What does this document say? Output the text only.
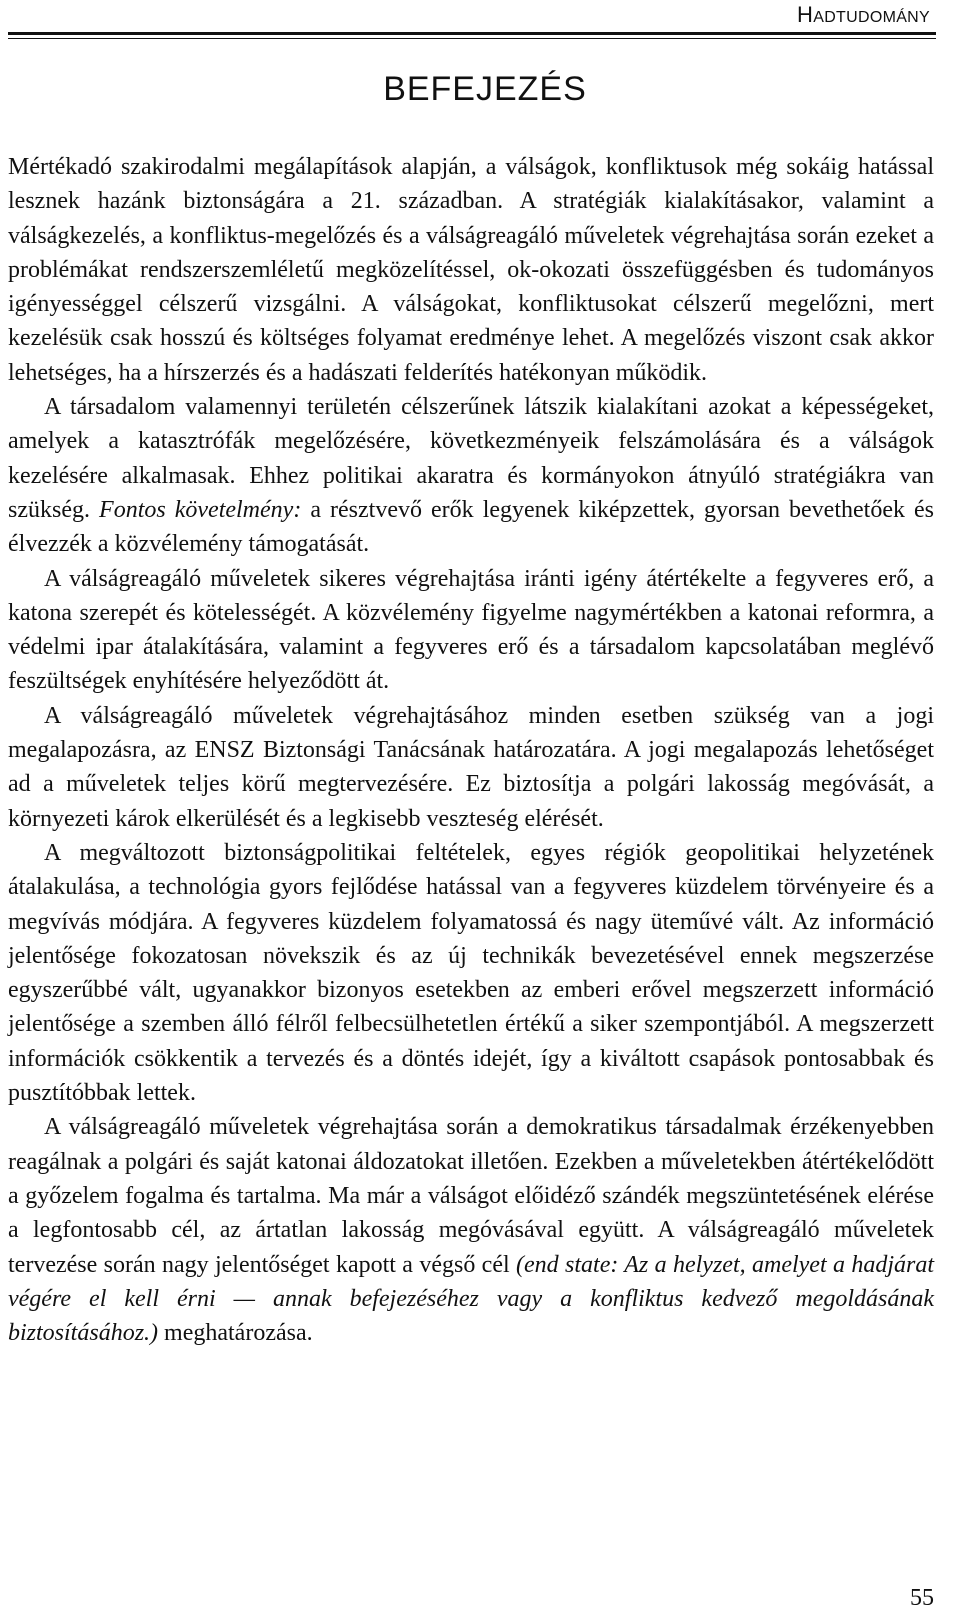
HADTUDOMÁNY
BEFEJEZÉS

Mértékadó szakirodalmi megálapítások alapján, a válságok, konfliktusok még sokáig hatással lesznek hazánk biztonságára a 21. században. A stratégiák kialakításakor, valamint a válságkezelés, a konfliktus-megelőzés és a válságreagáló műveletek végrehajtása során ezeket a problémákat rendszerszemléletű megközelítéssel, ok-okozati összefüggésben és tudományos igényességgel célszerű vizsgálni. A válságokat, konfliktusokat célszerű megelőzni, mert kezelésük csak hosszú és költséges folyamat eredménye lehet. A megelőzés viszont csak akkor lehetséges, ha a hírszerzés és a hadászati felderítés hatékonyan működik.

A társadalom valamennyi területén célszerűnek látszik kialakítani azokat a képességeket, amelyek a katasztrófák megelőzésére, következményeik felszámolására és a válságok kezelésére alkalmasak. Ehhez politikai akaratra és kormányokon átnyúló stratégiákra van szükség. Fontos követelmény: a résztvevő erők legyenek kiképzettek, gyorsan bevethetőek és élvezzék a közvélemény támogatását.

A válságreagáló műveletek sikeres végrehajtása iránti igény átértékelte a fegyveres erő, a katona szerepét és kötelességét. A közvélemény figyelme nagymértékben a katonai reformra, a védelmi ipar átalakítására, valamint a fegyveres erő és a társadalom kapcsolatában meglévő feszültségek enyhítésére helyeződött át.

A válságreagáló műveletek végrehajtásához minden esetben szükség van a jogi megalapozásra, az ENSZ Biztonsági Tanácsának határozatára. A jogi megalapozás lehetőséget ad a műveletek teljes körű megtervezésére. Ez biztosítja a polgári lakosság megóvását, a környezeti károk elkerülését és a legkisebb veszteség elérését.

A megváltozott biztonságpolitikai feltételek, egyes régiók geopolitikai helyzetének átalakulása, a technológia gyors fejlődése hatással van a fegyveres küzdelem törvényeire és a megvívás módjára. A fegyveres küzdelem folyamatossá és nagy üteművé vált. Az információ jelentősége fokozatosan növekszik és az új technikák bevezetésével ennek megszerzése egyszerűbbé vált, ugyanakkor bizonyos esetekben az emberi erővel megszerzett információ jelentősége a szemben álló félről felbecsülhetetlen értékű a siker szempontjából. A megszerzett információk csökkentik a tervezés és a döntés idejét, így a kiváltott csapások pontosabbak és pusztítóbbak lettek.

A válságreagáló műveletek végrehajtása során a demokratikus társadalmak érzékenyebben reagálnak a polgári és saját katonai áldozatokat illetően. Ezekben a műveletekben átértékelődött a győzelem fogalma és tartalma. Ma már a válságot előidéző szándék megszüntetésének elérése a legfontosabb cél, az ártatlan lakosság megóvásával együtt. A válságreagáló műveletek tervezése során nagy jelentőséget kapott a végső cél (end state: Az a helyzet, amelyet a hadjárat végére el kell érni — annak befejezéséhez vagy a konfliktus kedvező megoldásának biztosításához.) meghatározása.

55
